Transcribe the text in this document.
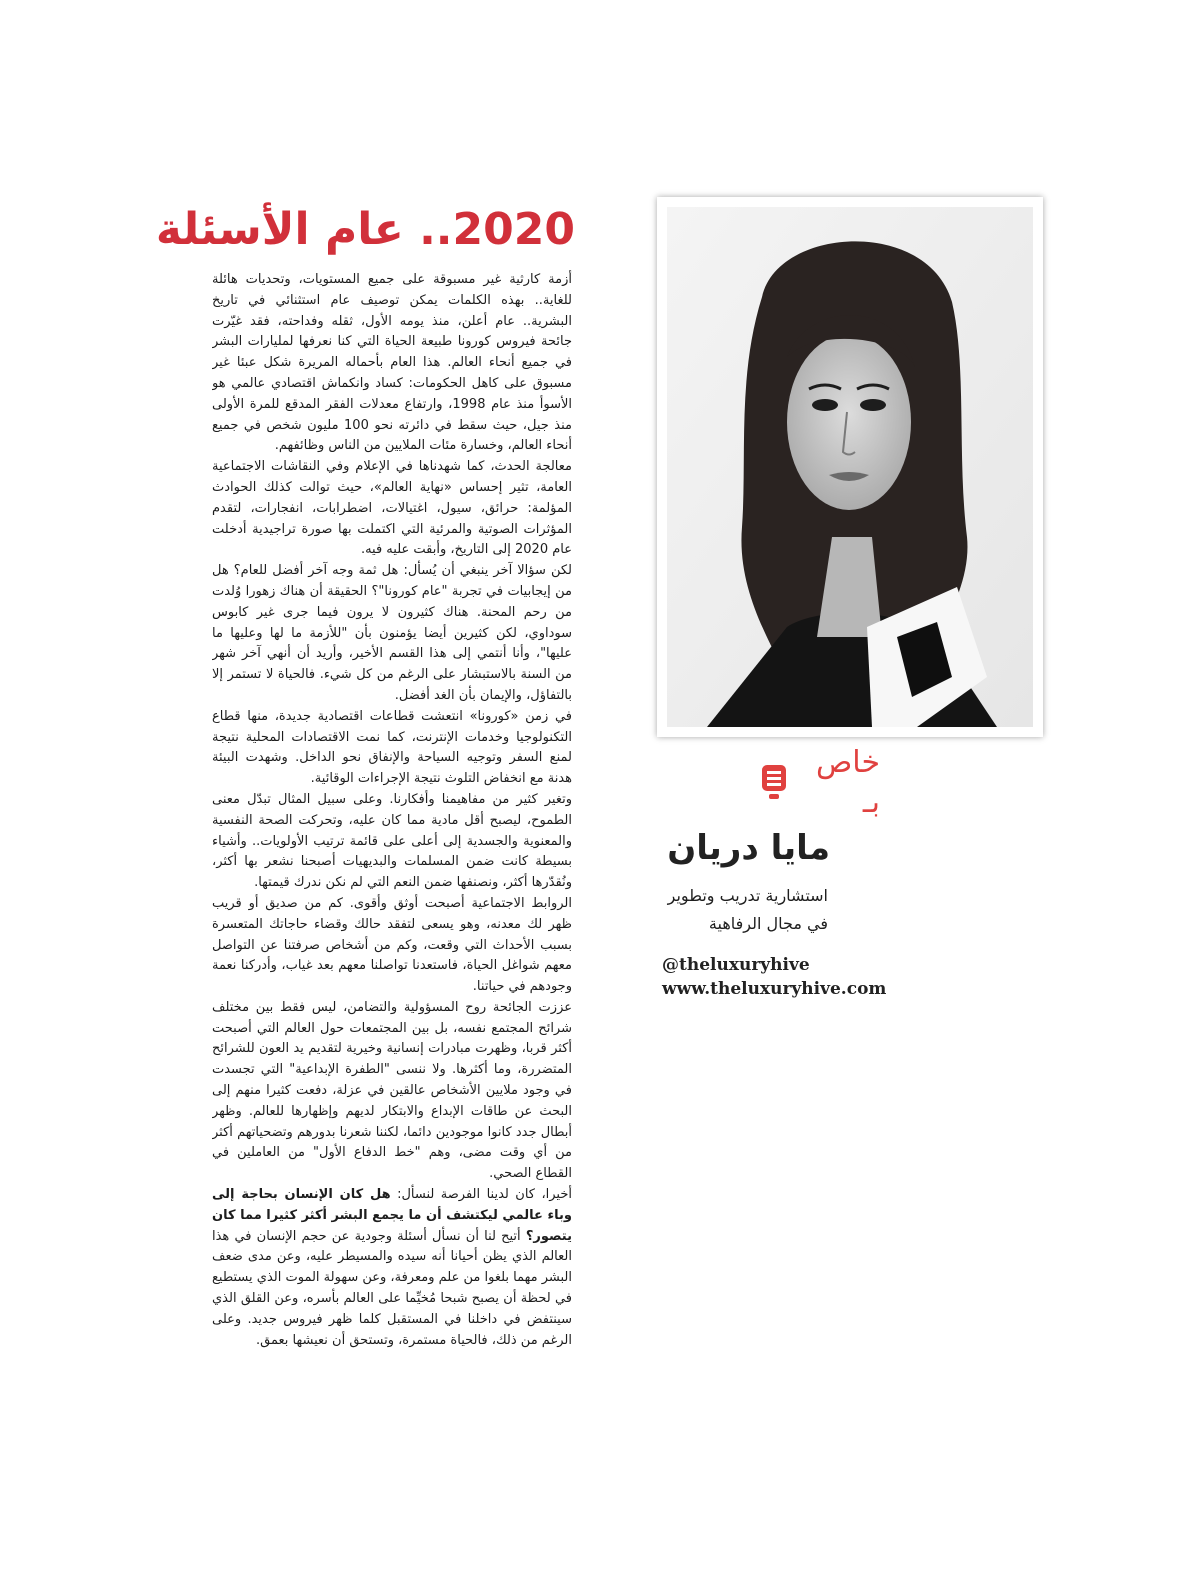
2020.. عام الأسئلة

أزمة كارثية غير مسبوقة على جميع المستويات، وتحديات هائلة للغاية.. بهذه الكلمات يمكن توصيف عام استثنائي في تاريخ البشرية.. عام أعلن، منذ يومه الأول، ثقله وفداحته، فقد غيّرت جائحة فيروس كورونا طبيعة الحياة التي كنا نعرفها لمليارات البشر في جميع أنحاء العالم. هذا العام بأحماله المريرة شكل عبئا غير مسبوق على كاهل الحكومات: كساد وانكماش اقتصادي عالمي هو الأسوأ منذ عام 1998، وارتفاع معدلات الفقر المدقع للمرة الأولى منذ جيل، حيث سقط في دائرته نحو 100 مليون شخص في جميع أنحاء العالم، وخسارة مئات الملايين من الناس وظائفهم.

معالجة الحدث، كما شهدناها في الإعلام وفي النقاشات الاجتماعية العامة، تثير إحساس «نهاية العالم»، حيث توالت كذلك الحوادث المؤلمة: حرائق، سيول، اغتيالات، اضطرابات، انفجارات، لتقدم المؤثرات الصوتية والمرئية التي اكتملت بها صورة تراجيدية أدخلت عام 2020 إلى التاريخ، وأبقت عليه فيه.

لكن سؤالا آخر ينبغي أن يُسأل: هل ثمة وجه آخر أفضل للعام؟ هل من إيجابيات في تجربة "عام كورونا"؟ الحقيقة أن هناك زهورا وُلدت من رحم المحنة. هناك كثيرون لا يرون فيما جرى غير كابوس سوداوي، لكن كثيرين أيضا يؤمنون بأن "للأزمة ما لها وعليها ما عليها"، وأنا أنتمي إلى هذا القسم الأخير، وأريد أن أنهي آخر شهر من السنة بالاستبشار على الرغم من كل شيء. فالحياة لا تستمر إلا بالتفاؤل، والإيمان بأن الغد أفضل.

في زمن «كورونا» انتعشت قطاعات اقتصادية جديدة، منها قطاع التكنولوجيا وخدمات الإنترنت، كما نمت الاقتصادات المحلية نتيجة لمنع السفر وتوجيه السياحة والإنفاق نحو الداخل. وشهدت البيئة هدنة مع انخفاض التلوث نتيجة الإجراءات الوقائية.

وتغير كثير من مفاهيمنا وأفكارنا. وعلى سبيل المثال تبدّل معنى الطموح، ليصبح أقل مادية مما كان عليه، وتحركت الصحة النفسية والمعنوية والجسدية إلى أعلى على قائمة ترتيب الأولويات.. وأشياء بسيطة كانت ضمن المسلمات والبديهيات أصبحنا نشعر بها أكثر، ونُقدّرها أكثر، ونصنفها ضمن النعم التي لم نكن ندرك قيمتها.

الروابط الاجتماعية أصبحت أوثق وأقوى. كم من صديق أو قريب ظهر لك معدنه، وهو يسعى لتفقد حالك وقضاء حاجاتك المتعسرة بسبب الأحداث التي وقعت، وكم من أشخاص صرفتنا عن التواصل معهم شواغل الحياة، فاستعدنا تواصلنا معهم بعد غياب، وأدركنا نعمة وجودهم في حياتنا.

عززت الجائحة روح المسؤولية والتضامن، ليس فقط بين مختلف شرائح المجتمع نفسه، بل بين المجتمعات حول العالم التي أصبحت أكثر قربا، وظهرت مبادرات إنسانية وخيرية لتقديم يد العون للشرائح المتضررة، وما أكثرها. ولا ننسى "الطفرة الإبداعية" التي تجسدت في وجود ملايين الأشخاص عالقين في عزلة، دفعت كثيرا منهم إلى البحث عن طاقات الإبداع والابتكار لديهم وإظهارها للعالم. وظهر أبطال جدد كانوا موجودين دائما، لكننا شعرنا بدورهم وتضحياتهم أكثر من أي وقت مضى، وهم "خط الدفاع الأول" من العاملين في القطاع الصحي.

أخيرا، كان لدينا الفرصة لنسأل: هل كان الإنسان بحاجة إلى وباء عالمي ليكتشف أن ما يجمع البشر أكثر كثيرا مما كان يتصور؟ أتيح لنا أن نسأل أسئلة وجودية عن حجم الإنسان في هذا العالم الذي يظن أحيانا أنه سيده والمسيطر عليه، وعن مدى ضعف البشر مهما بلغوا من علم ومعرفة، وعن سهولة الموت الذي يستطيع في لحظة أن يصبح شبحا مُخيِّما على العالم بأسره، وعن القلق الذي سينتفض في داخلنا في المستقبل كلما ظهر فيروس جديد. وعلى الرغم من ذلك، فالحياة مستمرة، وتستحق أن نعيشها بعمق.

خاص بـ
مايا دريان
استشارية تدريب وتطوير
في مجال الرفاهية
@theluxuryhive
www.theluxuryhive.com
